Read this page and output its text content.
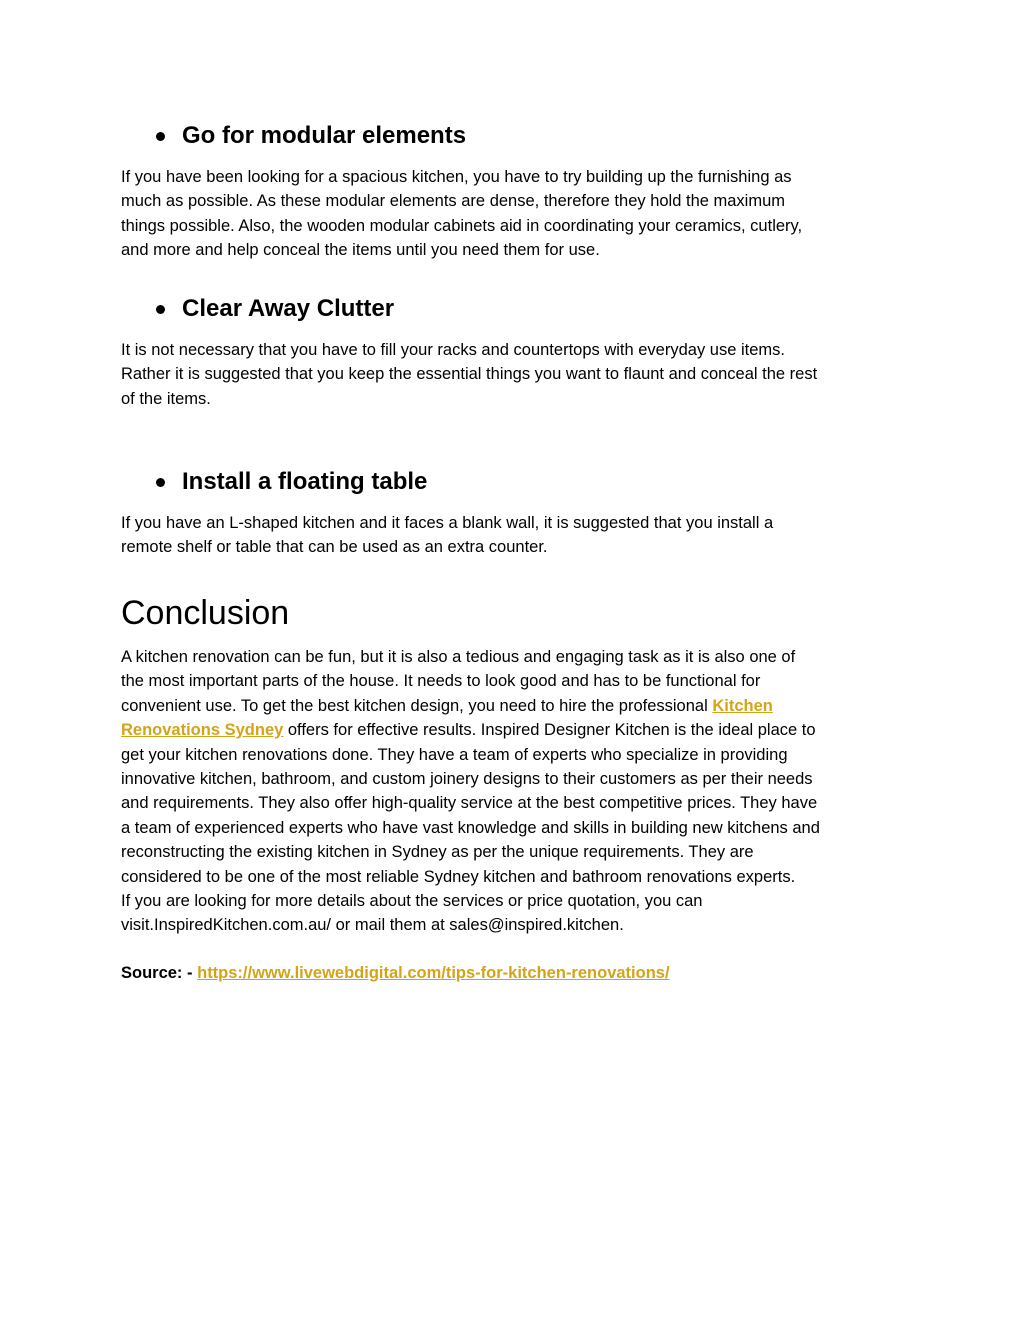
Go for modular elements

If you have been looking for a spacious kitchen, you have to try building up the furnishing as
much as possible. As these modular elements are dense, therefore they hold the maximum
things possible. Also, the wooden modular cabinets aid in coordinating your ceramics, cutlery,
and more and help conceal the items until you need them for use.

Clear Away Clutter

It is not necessary that you have to fill your racks and countertops with everyday use items.
Rather it is suggested that you keep the essential things you want to flaunt and conceal the rest
of the items.

Install a floating table

If you have an L-shaped kitchen and it faces a blank wall, it is suggested that you install a
remote shelf or table that can be used as an extra counter.

Conclusion

A kitchen renovation can be fun, but it is also a tedious and engaging task as it is also one of
the most important parts of the house. It needs to look good and has to be functional for
convenient use. To get the best kitchen design, you need to hire the professional Kitchen
Renovations Sydney offers for effective results. Inspired Designer Kitchen is the ideal place to
get your kitchen renovations done. They have a team of experts who specialize in providing
innovative kitchen, bathroom, and custom joinery designs to their customers as per their needs
and requirements. They also offer high-quality service at the best competitive prices. They have
a team of experienced experts who have vast knowledge and skills in building new kitchens and
reconstructing the existing kitchen in Sydney as per the unique requirements. They are
considered to be one of the most reliable Sydney kitchen and bathroom renovations experts.
If you are looking for more details about the services or price quotation, you can
visit.InspiredKitchen.com.au/ or mail them at sales@inspired.kitchen.

Source: - https://www.livewebdigital.com/tips-for-kitchen-renovations/
